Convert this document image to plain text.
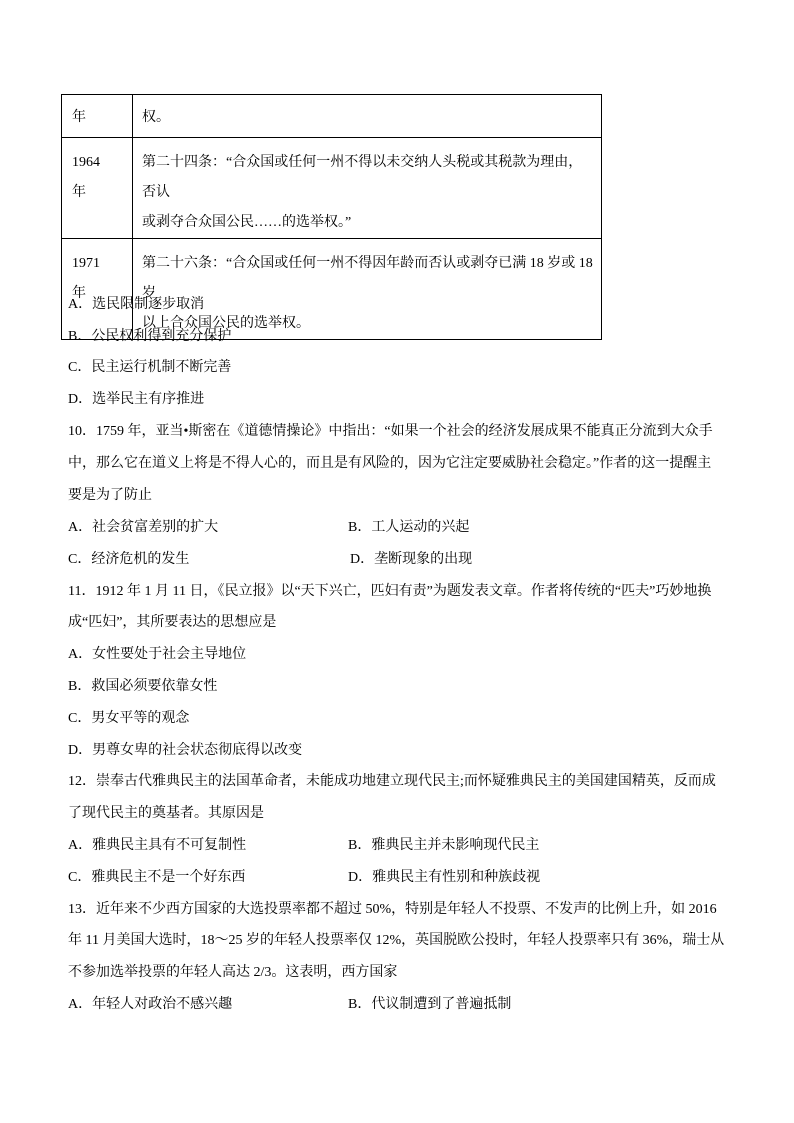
年	权。

1964
年	第二十四条：“合众国或任何一州不得以未交纳人头税或其税款为理由，否认
或剥夺合众国公民……的选举权。”

1971
年	第二十六条：“合众国或任何一州不得因年龄而否认或剥夺已满 18 岁或 18 岁
以上合众国公民的选举权。
A．选民限制逐步取消
B．公民权利得到充分保护
C．民主运行机制不断完善
D．选举民主有序推进
10．1759 年，亚当•斯密在《道德情操论》中指出：“如果一个社会的经济发展成果不能真正分流到大众手
中，那么它在道义上将是不得人心的，而且是有风险的，因为它注定要威胁社会稳定。”作者的这一提醒主
要是为了防止
A．社会贫富差别的扩大	B．工人运动的兴起
C．经济危机的发生	D．垄断现象的出现
11．1912 年 1 月 11 日，《民立报》以“天下兴亡，匹妇有责”为题发表文章。作者将传统的“匹夫”巧妙地换
成“匹妇”，其所要表达的思想应是
A．女性要处于社会主导地位
B．救国必须要依靠女性
C．男女平等的观念
D．男尊女卑的社会状态彻底得以改变
12．崇奉古代雅典民主的法国革命者，未能成功地建立现代民主;而怀疑雅典民主的美国建国精英，反而成
了现代民主的奠基者。其原因是
A．雅典民主具有不可复制性	B．雅典民主并未影响现代民主
C．雅典民主不是一个好东西	D．雅典民主有性别和种族歧视
13．近年来不少西方国家的大选投票率都不超过 50%，特别是年轻人不投票、不发声的比例上升，如 2016
年 11 月美国大选时，18～25 岁的年轻人投票率仅 12%，英国脱欧公投时，年轻人投票率只有 36%，瑞士从
不参加选举投票的年轻人高达 2/3。这表明，西方国家
A．年轻人对政治不感兴趣	B．代议制遭到了普遍抵制
